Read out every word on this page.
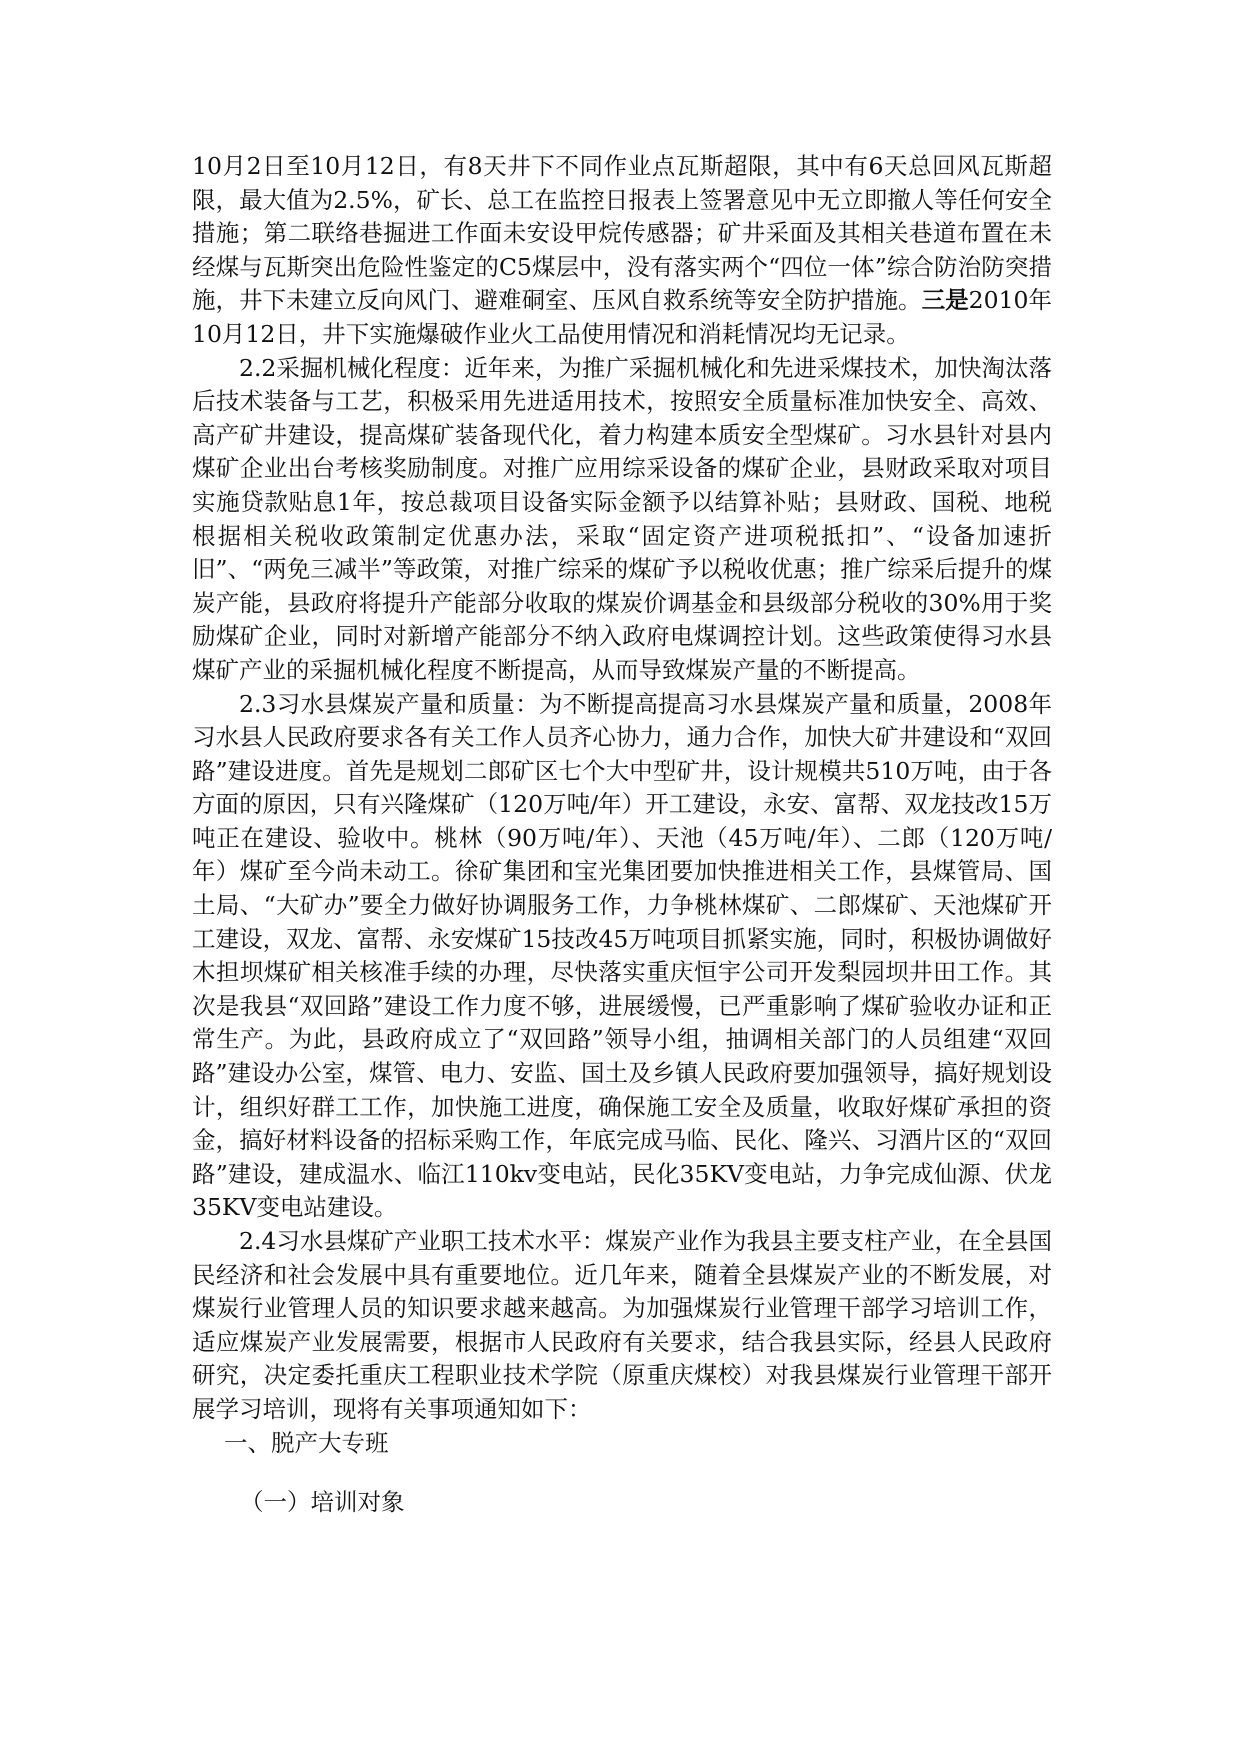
10月2日至10月12日，有8天井下不同作业点瓦斯超限，其中有6天总回风瓦斯超限，最大值为2.5%，矿长、总工在监控日报表上签署意见中无立即撤人等任何安全措施；第二联络巷掘进工作面未安设甲烷传感器；矿井采面及其相关巷道布置在未经煤与瓦斯突出危险性鉴定的C5煤层中，没有落实两个“四位一体”综合防治防突措施，井下未建立反向风门、避难硐室、压风自救系统等安全防护措施。三是2010年10月12日，井下实施爆破作业火工品使用情况和消耗情况均无记录。

2.2采掘机械化程度：近年来，为推广采掘机械化和先进采煤技术，加快淘汰落后技术装备与工艺，积极采用先进适用技术，按照安全质量标准加快安全、高效、高产矿井建设，提高煤矿装备现代化，着力构建本质安全型煤矿。习水县针对县内煤矿企业出台考核奖励制度。对推广应用综采设备的煤矿企业，县财政采取对项目实施贷款贴息1年，按总裁项目设备实际金额予以结算补贴；县财政、国税、地税根据相关税收政策制定优惠办法，采取“固定资产进项税抵扣”、“设备加速折旧”、“两免三减半”等政策，对推广综采的煤矿予以税收优惠；推广综采后提升的煤炭产能，县政府将提升产能部分收取的煤炭价调基金和县级部分税收的30%用于奖励煤矿企业，同时对新增产能部分不纳入政府电煤调控计划。这些政策使得习水县煤矿产业的采掘机械化程度不断提高，从而导致煤炭产量的不断提高。

2.3习水县煤炭产量和质量：为不断提高提高习水县煤炭产量和质量，2008年习水县人民政府要求各有关工作人员齐心协力，通力合作，加快大矿井建设和“双回路”建设进度。首先是规划二郎矿区七个大中型矿井，设计规模共510万吨，由于各方面的原因，只有兴隆煤矿（120万吨/年）开工建设，永安、富帮、双龙技改15万吨正在建设、验收中。桃林（90万吨/年）、天池（45万吨/年）、二郎（120万吨/年）煤矿至今尚未动工。徐矿集团和宝光集团要加快推进相关工作，县煤管局、国土局、“大矿办”要全力做好协调服务工作，力争桃林煤矿、二郎煤矿、天池煤矿开工建设，双龙、富帮、永安煤矿15技改45万吨项目抓紧实施，同时，积极协调做好木担坝煤矿相关核准手续的办理，尽快落实重庆恒宇公司开发梨园坝井田工作。其次是我县“双回路”建设工作力度不够，进展缓慢，已严重影响了煤矿验收办证和正常生产。为此，县政府成立了“双回路”领导小组，抽调相关部门的人员组建“双回路”建设办公室，煤管、电力、安监、国土及乡镇人民政府要加强领导，搞好规划设计，组织好群工工作，加快施工进度，确保施工安全及质量，收取好煤矿承担的资金，搞好材料设备的招标采购工作，年底完成马临、民化、隆兴、习酒片区的“双回路”建设，建成温水、临江110kv变电站，民化35KV变电站，力争完成仙源、伏龙35KV变电站建设。

2.4习水县煤矿产业职工技术水平：煤炭产业作为我县主要支柱产业，在全县国民经济和社会发展中具有重要地位。近几年来，随着全县煤炭产业的不断发展，对煤炭行业管理人员的知识要求越来越高。为加强煤炭行业管理干部学习培训工作，适应煤炭产业发展需要，根据市人民政府有关要求，结合我县实际，经县人民政府研究，决定委托重庆工程职业技术学院（原重庆煤校）对我县煤炭行业管理干部开展学习培训，现将有关事项通知如下：

一、脱产大专班

（一）培训对象
